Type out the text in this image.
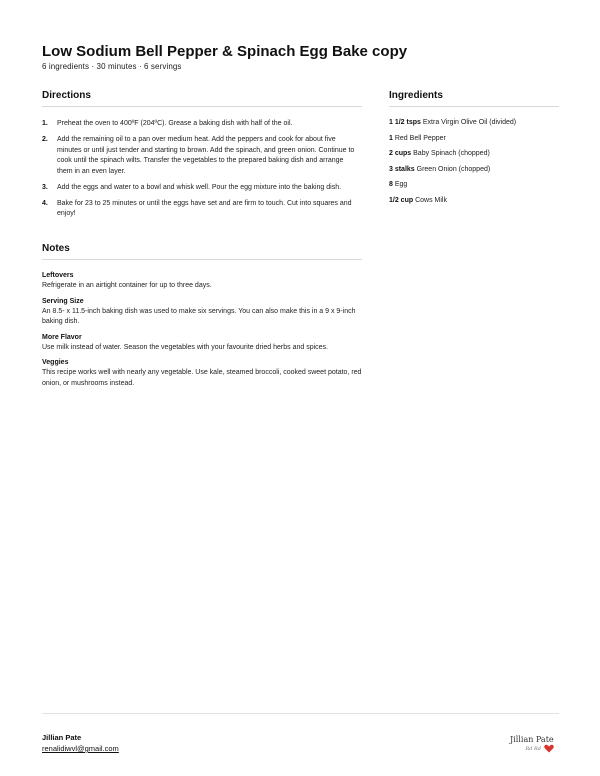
Low Sodium Bell Pepper & Spinach Egg Bake copy
6 ingredients · 30 minutes · 6 servings
Directions
1.	Preheat the oven to 400ºF (204ºC). Grease a baking dish with half of the oil.
2.	Add the remaining oil to a pan over medium heat. Add the peppers and cook for about five minutes or until just tender and starting to brown. Add the spinach, and green onion. Continue to cook until the spinach wilts. Transfer the vegetables to the prepared baking dish and arrange them in an even layer.
3.	Add the eggs and water to a bowl and whisk well. Pour the egg mixture into the baking dish.
4.	Bake for 23 to 25 minutes or until the eggs have set and are firm to touch. Cut into squares and enjoy!
Notes
Leftovers
Refrigerate in an airtight container for up to three days.
Serving Size
An 8.5- x 11.5-inch baking dish was used to make six servings. You can also make this in a 9 x 9-inch baking dish.
More Flavor
Use milk instead of water. Season the vegetables with your favourite dried herbs and spices.
Veggies
This recipe works well with nearly any vegetable. Use kale, steamed broccoli, cooked sweet potato, red onion, or mushrooms instead.
Ingredients
1 1/2 tsps Extra Virgin Olive Oil (divided)
1 Red Bell Pepper
2 cups Baby Spinach (chopped)
3 stalks Green Onion (chopped)
8 Egg
1/2 cup Cows Milk
Jillian Pate
renalidiwvl@gmail.com
Jillian Pate
Rd Rd
